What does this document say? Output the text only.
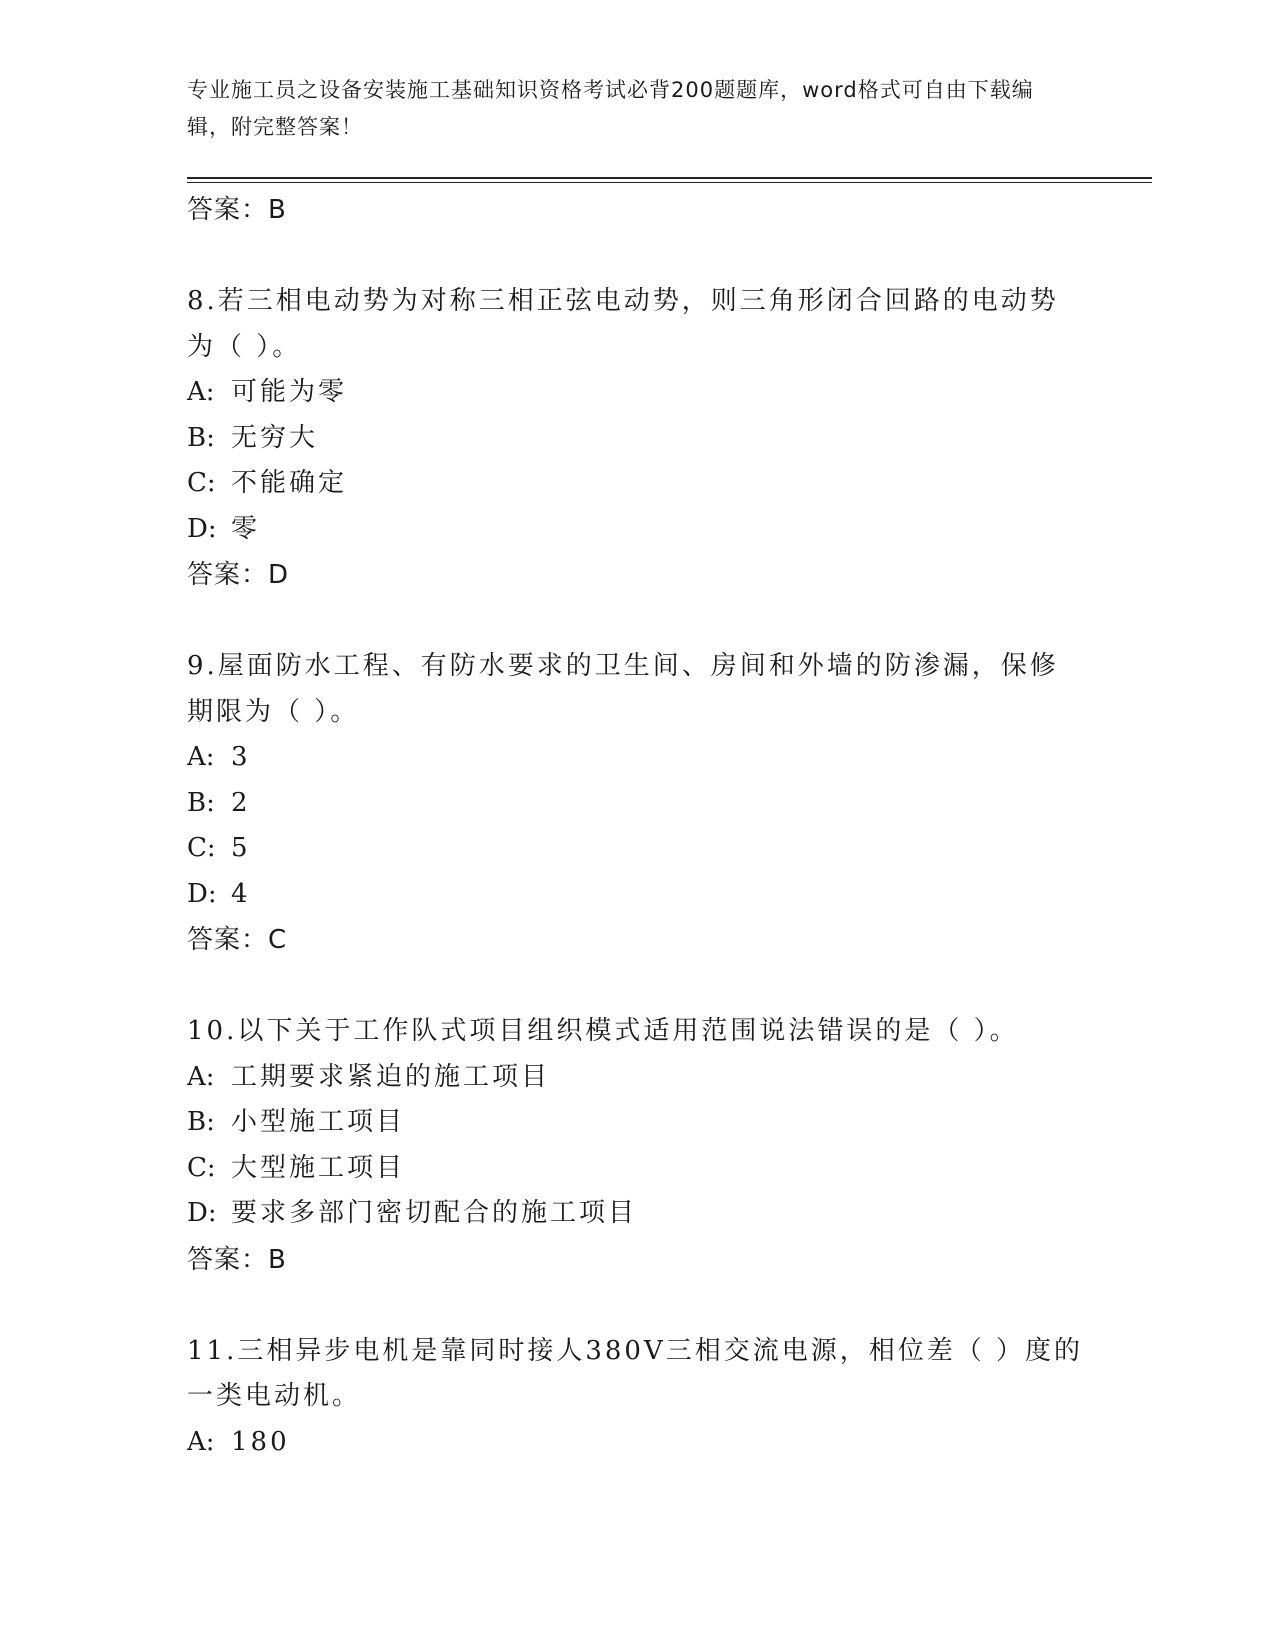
专业施工员之设备安装施工基础知识资格考试必背200题题库，word格式可自由下载编辑，附完整答案！
答案：B

8.若三相电动势为对称三相正弦电动势，则三角形闭合回路的电动势为（ ）。

A: 可能为零
B: 无穷大
C: 不能确定
D: 零
答案：D

9.屋面防水工程、有防水要求的卫生间、房间和外墙的防渗漏，保修期限为（ ）。

A: 3
B: 2
C: 5
D: 4
答案：C

10.以下关于工作队式项目组织模式适用范围说法错误的是（ ）。

A: 工期要求紧迫的施工项目
B: 小型施工项目
C: 大型施工项目
D: 要求多部门密切配合的施工项目
答案：B

11.三相异步电机是靠同时接人380V三相交流电源，相位差（ ）度的一类电动机。

A: 180
